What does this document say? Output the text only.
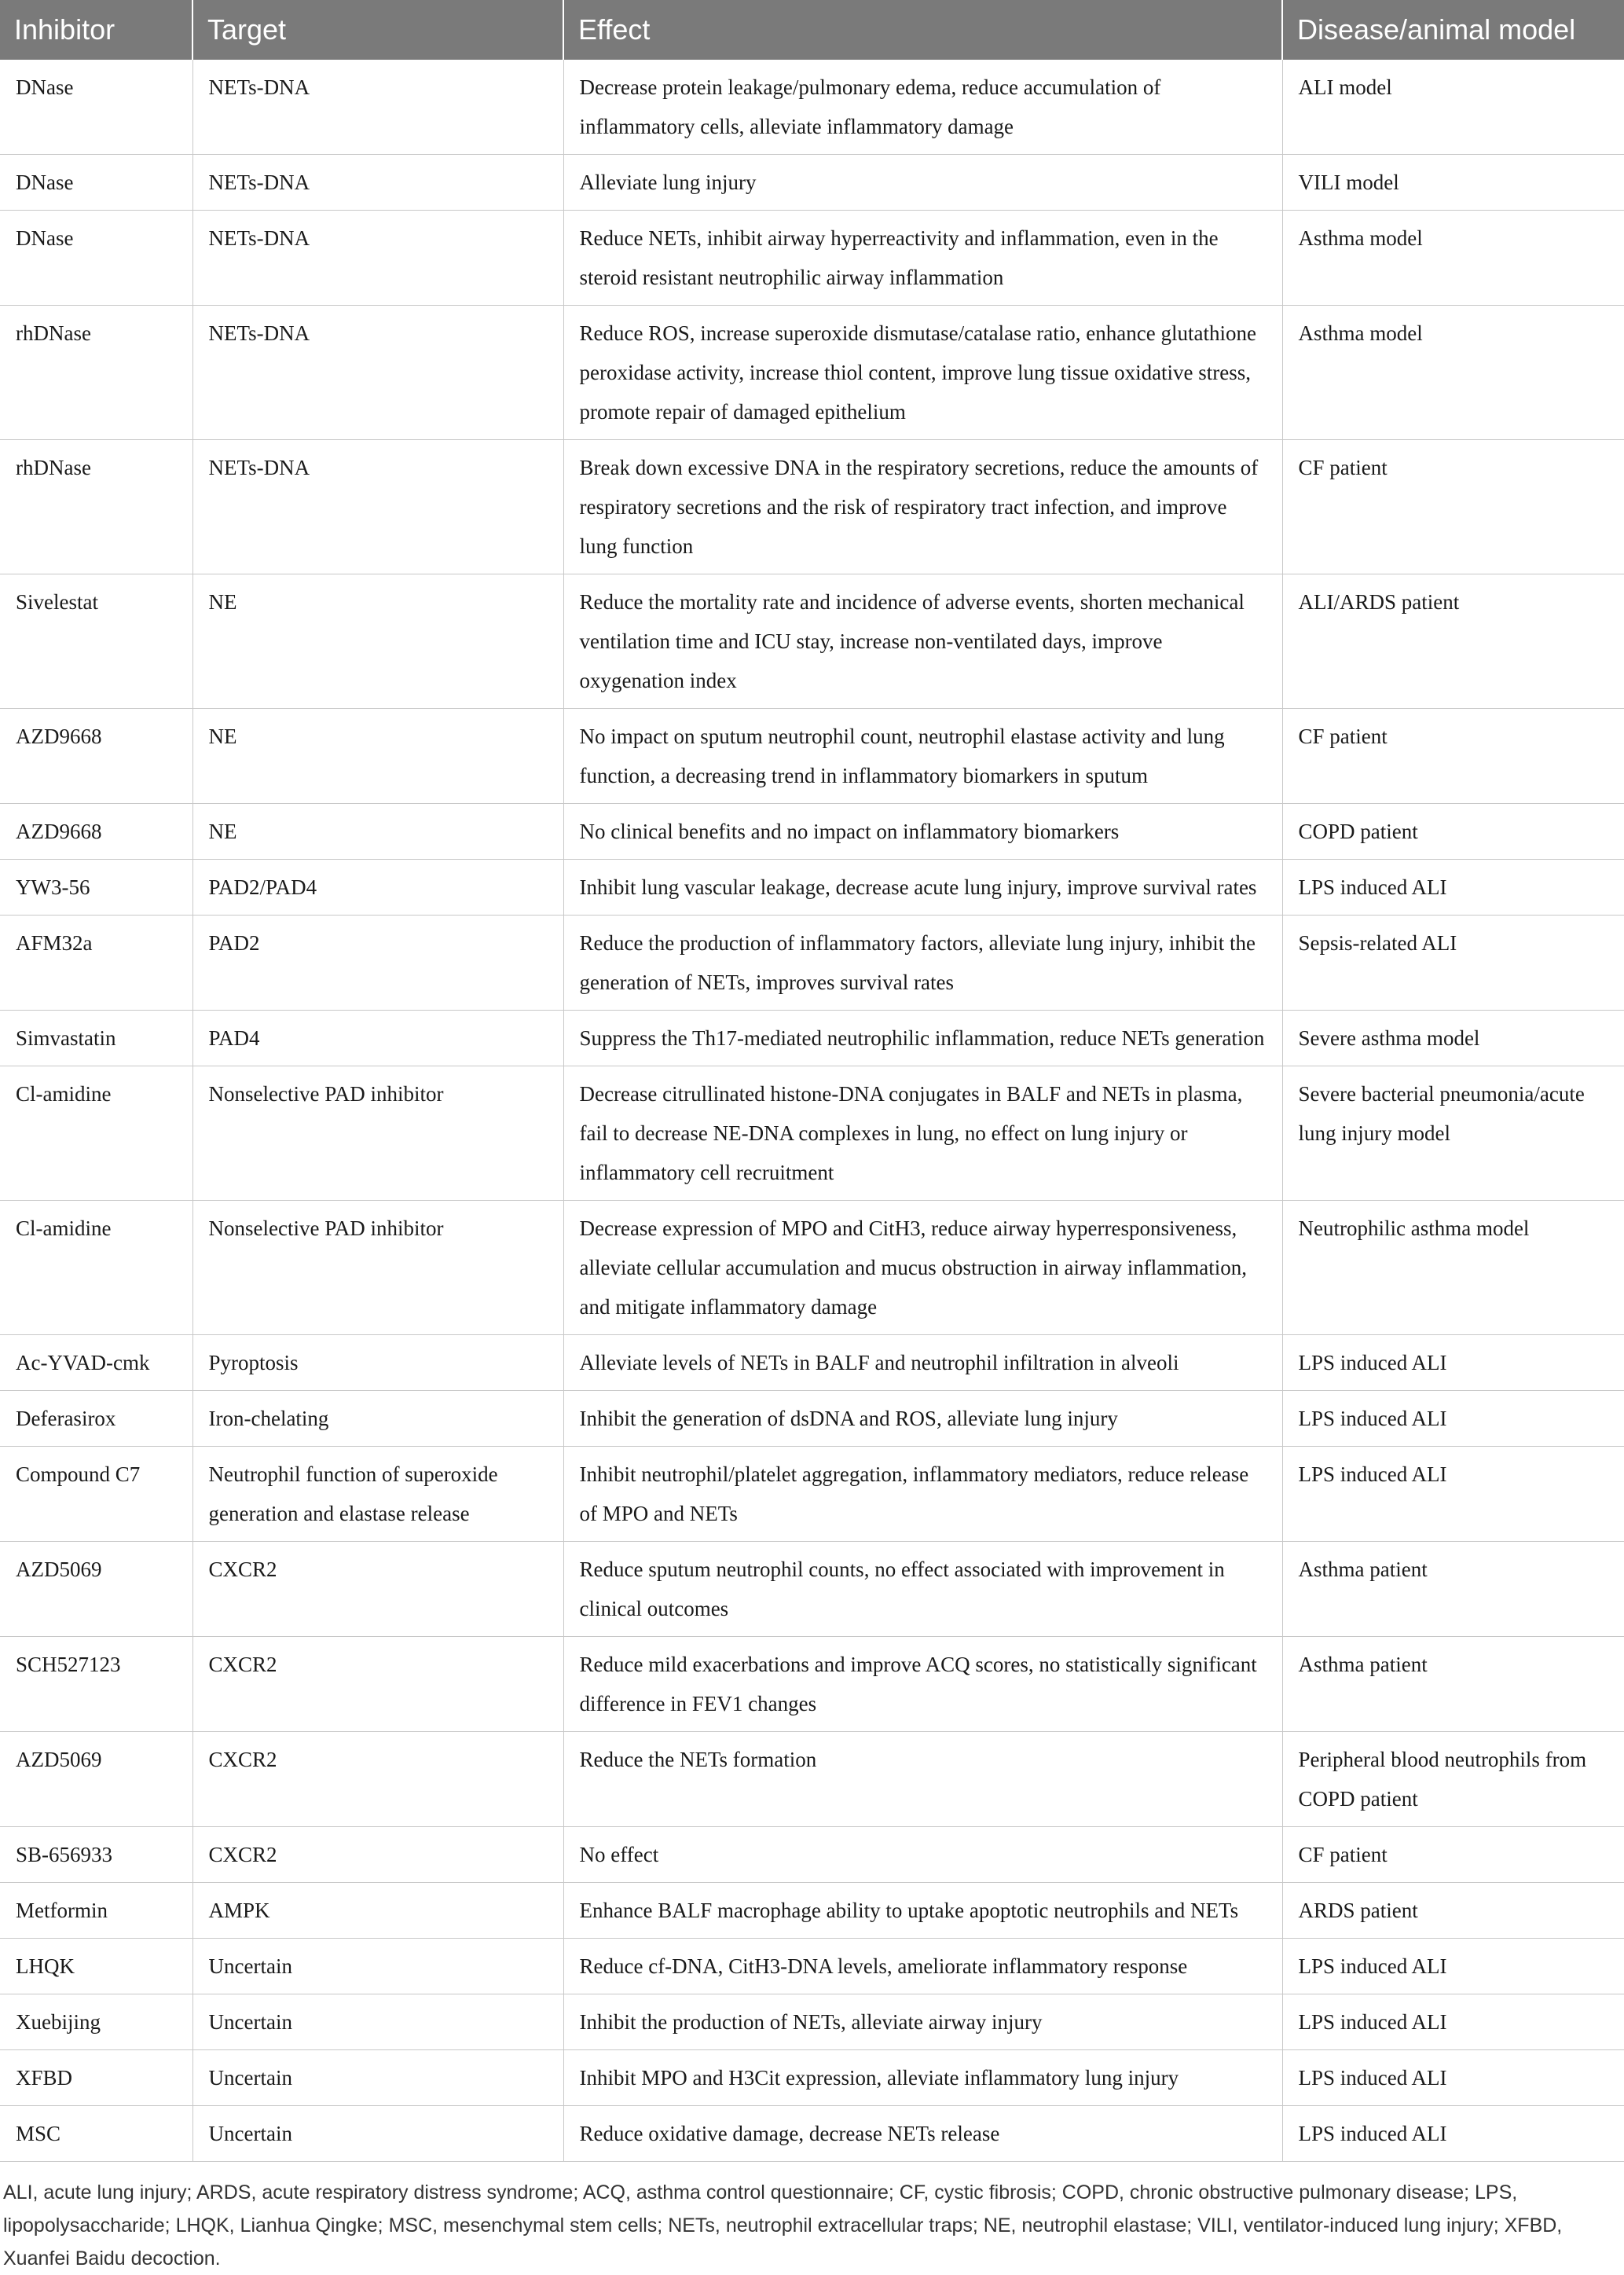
Inhibitor	Target	Effect	Disease/animal model
DNase	NETs-DNA	Decrease protein leakage/pulmonary edema, reduce accumulation of inflammatory cells, alleviate inflammatory damage	ALI model
DNase	NETs-DNA	Alleviate lung injury	VILI model
DNase	NETs-DNA	Reduce NETs, inhibit airway hyperreactivity and inflammation, even in the steroid resistant neutrophilic airway inflammation	Asthma model
rhDNase	NETs-DNA	Reduce ROS, increase superoxide dismutase/catalase ratio, enhance glutathione peroxidase activity, increase thiol content, improve lung tissue oxidative stress, promote repair of damaged epithelium	Asthma model
rhDNase	NETs-DNA	Break down excessive DNA in the respiratory secretions, reduce the amounts of respiratory secretions and the risk of respiratory tract infection, and improve lung function	CF patient
Sivelestat	NE	Reduce the mortality rate and incidence of adverse events, shorten mechanical ventilation time and ICU stay, increase non-ventilated days, improve oxygenation index	ALI/ARDS patient
AZD9668	NE	No impact on sputum neutrophil count, neutrophil elastase activity and lung function, a decreasing trend in inflammatory biomarkers in sputum	CF patient
AZD9668	NE	No clinical benefits and no impact on inflammatory biomarkers	COPD patient
YW3-56	PAD2/PAD4	Inhibit lung vascular leakage, decrease acute lung injury, improve survival rates	LPS induced ALI
AFM32a	PAD2	Reduce the production of inflammatory factors, alleviate lung injury, inhibit the generation of NETs, improves survival rates	Sepsis-related ALI
Simvastatin	PAD4	Suppress the Th17-mediated neutrophilic inflammation, reduce NETs generation	Severe asthma model
Cl-amidine	Nonselective PAD inhibitor	Decrease citrullinated histone-DNA conjugates in BALF and NETs in plasma, fail to decrease NE-DNA complexes in lung, no effect on lung injury or inflammatory cell recruitment	Severe bacterial pneumonia/acute lung injury model
Cl-amidine	Nonselective PAD inhibitor	Decrease expression of MPO and CitH3, reduce airway hyperresponsiveness, alleviate cellular accumulation and mucus obstruction in airway inflammation, and mitigate inflammatory damage	Neutrophilic asthma model
Ac-YVAD-cmk	Pyroptosis	Alleviate levels of NETs in BALF and neutrophil infiltration in alveoli	LPS induced ALI
Deferasirox	Iron-chelating	Inhibit the generation of dsDNA and ROS, alleviate lung injury	LPS induced ALI
Compound C7	Neutrophil function of superoxide generation and elastase release	Inhibit neutrophil/platelet aggregation, inflammatory mediators, reduce release of MPO and NETs	LPS induced ALI
AZD5069	CXCR2	Reduce sputum neutrophil counts, no effect associated with improvement in clinical outcomes	Asthma patient
SCH527123	CXCR2	Reduce mild exacerbations and improve ACQ scores, no statistically significant difference in FEV1 changes	Asthma patient
AZD5069	CXCR2	Reduce the NETs formation	Peripheral blood neutrophils from COPD patient
SB-656933	CXCR2	No effect	CF patient
Metformin	AMPK	Enhance BALF macrophage ability to uptake apoptotic neutrophils and NETs	ARDS patient
LHQK	Uncertain	Reduce cf-DNA, CitH3-DNA levels, ameliorate inflammatory response	LPS induced ALI
Xuebijing	Uncertain	Inhibit the production of NETs, alleviate airway injury	LPS induced ALI
XFBD	Uncertain	Inhibit MPO and H3Cit expression, alleviate inflammatory lung injury	LPS induced ALI
MSC	Uncertain	Reduce oxidative damage, decrease NETs release	LPS induced ALI
ALI, acute lung injury; ARDS, acute respiratory distress syndrome; ACQ, asthma control questionnaire; CF, cystic fibrosis; COPD, chronic obstructive pulmonary disease; LPS, lipopolysaccharide; LHQK, Lianhua Qingke; MSC, mesenchymal stem cells; NETs, neutrophil extracellular traps; NE, neutrophil elastase; VILI, ventilator-induced lung injury; XFBD, Xuanfei Baidu decoction.
